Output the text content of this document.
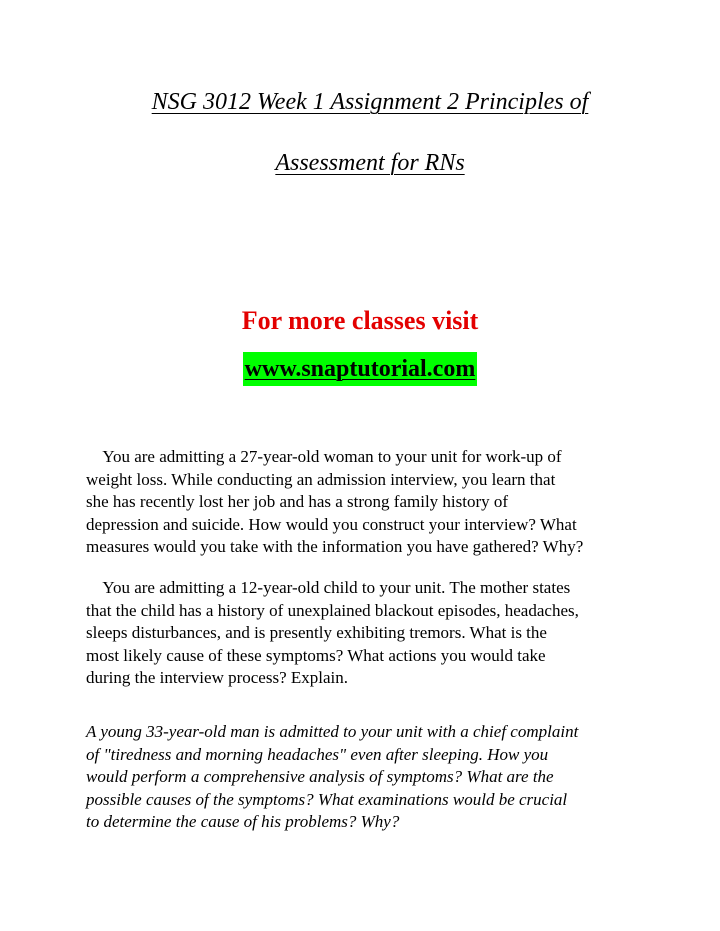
NSG 3012 Week 1 Assignment 2 Principles of
Assessment for RNs
For more classes visit
www.snaptutorial.com
You are admitting a 27-year-old woman to your unit for work-up of
weight loss. While conducting an admission interview, you learn that
she has recently lost her job and has a strong family history of
depression and suicide. How would you construct your interview? What
measures would you take with the information you have gathered? Why?
You are admitting a 12-year-old child to your unit. The mother states
that the child has a history of unexplained blackout episodes, headaches,
sleeps disturbances, and is presently exhibiting tremors. What is the
most likely cause of these symptoms? What actions you would take
during the interview process? Explain.
A young 33-year-old man is admitted to your unit with a chief complaint
of "tiredness and morning headaches" even after sleeping. How you
would perform a comprehensive analysis of symptoms? What are the
possible causes of the symptoms? What examinations would be crucial
to determine the cause of his problems? Why?
